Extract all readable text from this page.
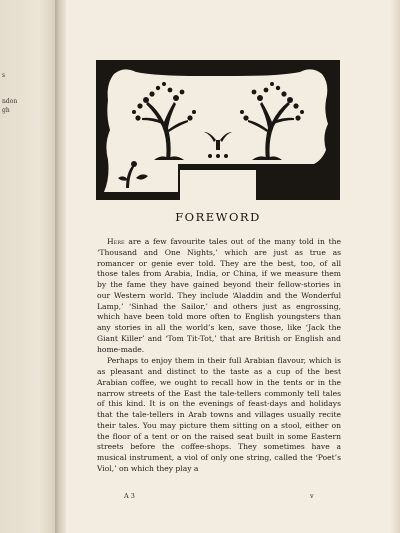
s
ndon
gh
FOREWORD

Here are a few favourite tales out of the many told in the ‘Thousand and One Nights,’ which are just as true as romancer or genie ever told. They are the best, too, of all those tales from Arabia, India, or China, if we measure them by the fame they have gained beyond their fellow-stories in our Western world. They include ‘Aladdin and the Wonderful Lamp,’ ‘Sinhad the Sailor,’ and others just as engrossing, which have been told more often to English youngsters than any stories in all the world’s ken, save those, like ‘Jack the Giant Killer’ and ‘Tom Tit-Tot,’ that are British or English and home-made.

Perhaps to enjoy them in their full Arabian flavour, which is as pleasant and distinct to the taste as a cup of the best Arabian coffee, we ought to recall how in the tents or in the narrow streets of the East the tale-tellers commonly tell tales of this kind. It is on the evenings of feast-days and holidays that the tale-tellers in Arab towns and villages usually recite their tales. You may picture them sitting on a stool, either on the floor of a tent or on the raised seat built in some Eastern streets before the coffee-shops. They sometimes have a musical instrument, a viol of only one string, called the ‘Poet’s Viol,’ on which they play a

A 3	v
